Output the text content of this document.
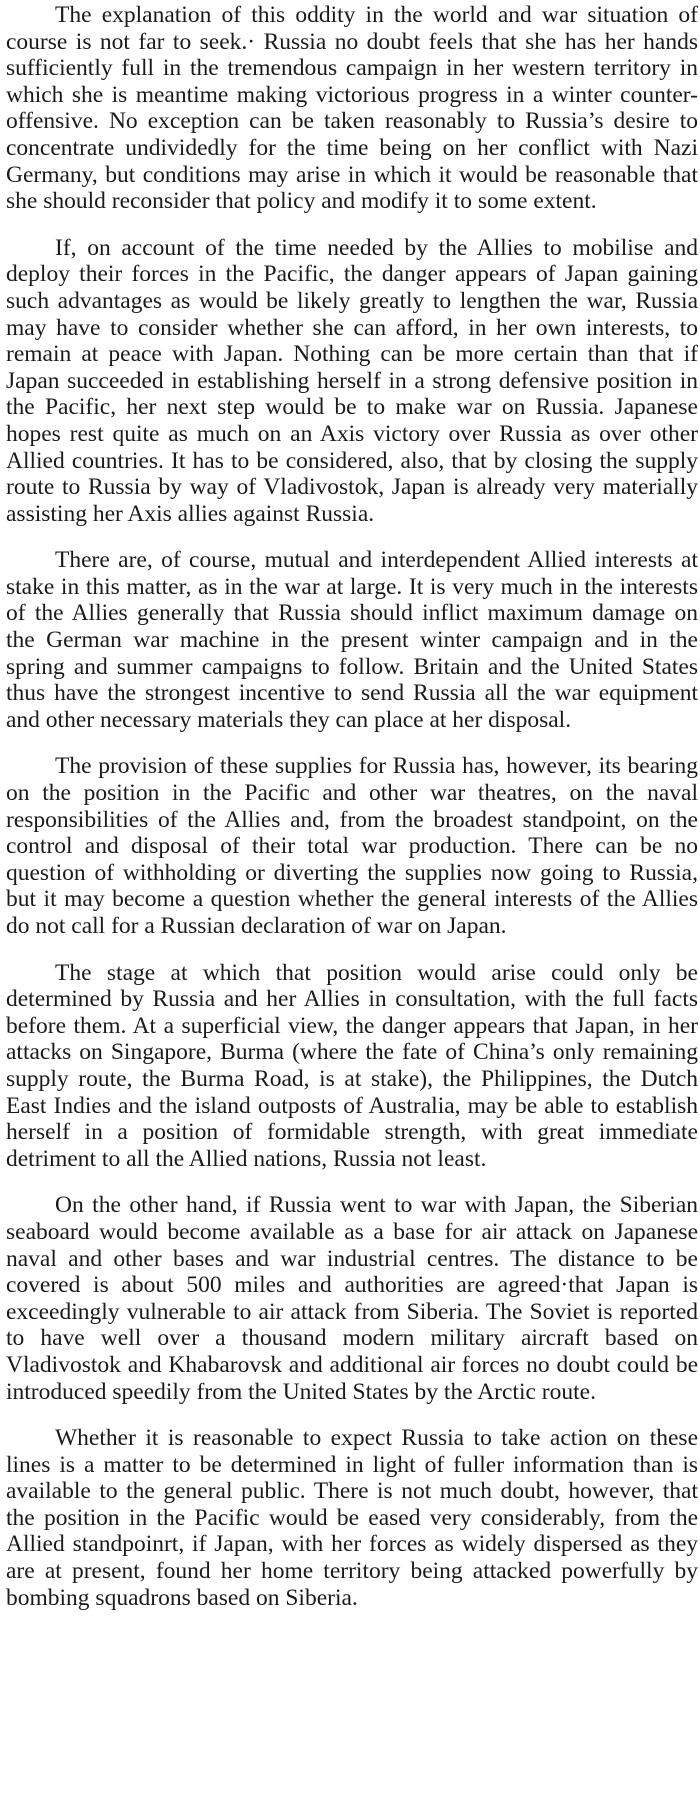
The explanation of this oddity in the world and war situation of course is not far to seek.· Russia no doubt feels that she has her hands sufficiently full in the tremendous campaign in her western territory in which she is meantime making victorious progress in a winter counter-offensive. No exception can be taken reasonably to Russia’s desire to concentrate undividedly for the time being on her conflict with Nazi Germany, but conditions may arise in which it would be reasonable that she should reconsider that policy and modify it to some extent.

If, on account of the time needed by the Allies to mobilise and deploy their forces in the Pacific, the danger appears of Japan gaining such advantages as would be likely greatly to lengthen the war, Russia may have to consider whether she can afford, in her own interests, to remain at peace with Japan. Nothing can be more certain than that if Japan succeeded in establishing herself in a strong defensive position in the Pacific, her next step would be to make war on Russia. Japanese hopes rest quite as much on an Axis victory over Russia as over other Allied countries. It has to be considered, also, that by closing the supply route to Russia by way of Vladivostok, Japan is already very materially assisting her Axis allies against Russia.

There are, of course, mutual and interdependent Allied interests at stake in this matter, as in the war at large. It is very much in the interests of the Allies generally that Russia should inflict maximum damage on the German war machine in the present winter campaign and in the spring and summer campaigns to follow. Britain and the United States thus have the strongest incentive to send Russia all the war equipment and other necessary materials they can place at her disposal.

The provision of these supplies for Russia has, however, its bearing on the position in the Pacific and other war theatres, on the naval responsibilities of the Allies and, from the broadest standpoint, on the control and disposal of their total war production. There can be no question of withholding or diverting the supplies now going to Russia, but it may become a question whether the general interests of the Allies do not call for a Russian declaration of war on Japan.

The stage at which that position would arise could only be determined by Russia and her Allies in consultation, with the full facts before them. At a superficial view, the danger appears that Japan, in her attacks on Singapore, Burma (where the fate of China’s only remaining supply route, the Burma Road, is at stake), the Philippines, the Dutch East Indies and the island outposts of Australia, may be able to establish herself in a position of formidable strength, with great immediate detriment to all the Allied nations, Russia not least.

On the other hand, if Russia went to war with Japan, the Siberian seaboard would become available as a base for air attack on Japanese naval and other bases and war industrial centres. The distance to be covered is about 500 miles and authorities are agreed·that Japan is exceedingly vulnerable to air attack from Siberia. The Soviet is reported to have well over a thousand modern military aircraft based on Vladivostok and Khabarovsk and additional air forces no doubt could be introduced speedily from the United States by the Arctic route.

Whether it is reasonable to expect Russia to take action on these lines is a matter to be determined in light of fuller information than is available to the general public. There is not much doubt, however, that the position in the Pacific would be eased very considerably, from the Allied standpoinrt, if Japan, with her forces as widely dispersed as they are at present, found her home territory being attacked powerfully by bombing squadrons based on Siberia.
